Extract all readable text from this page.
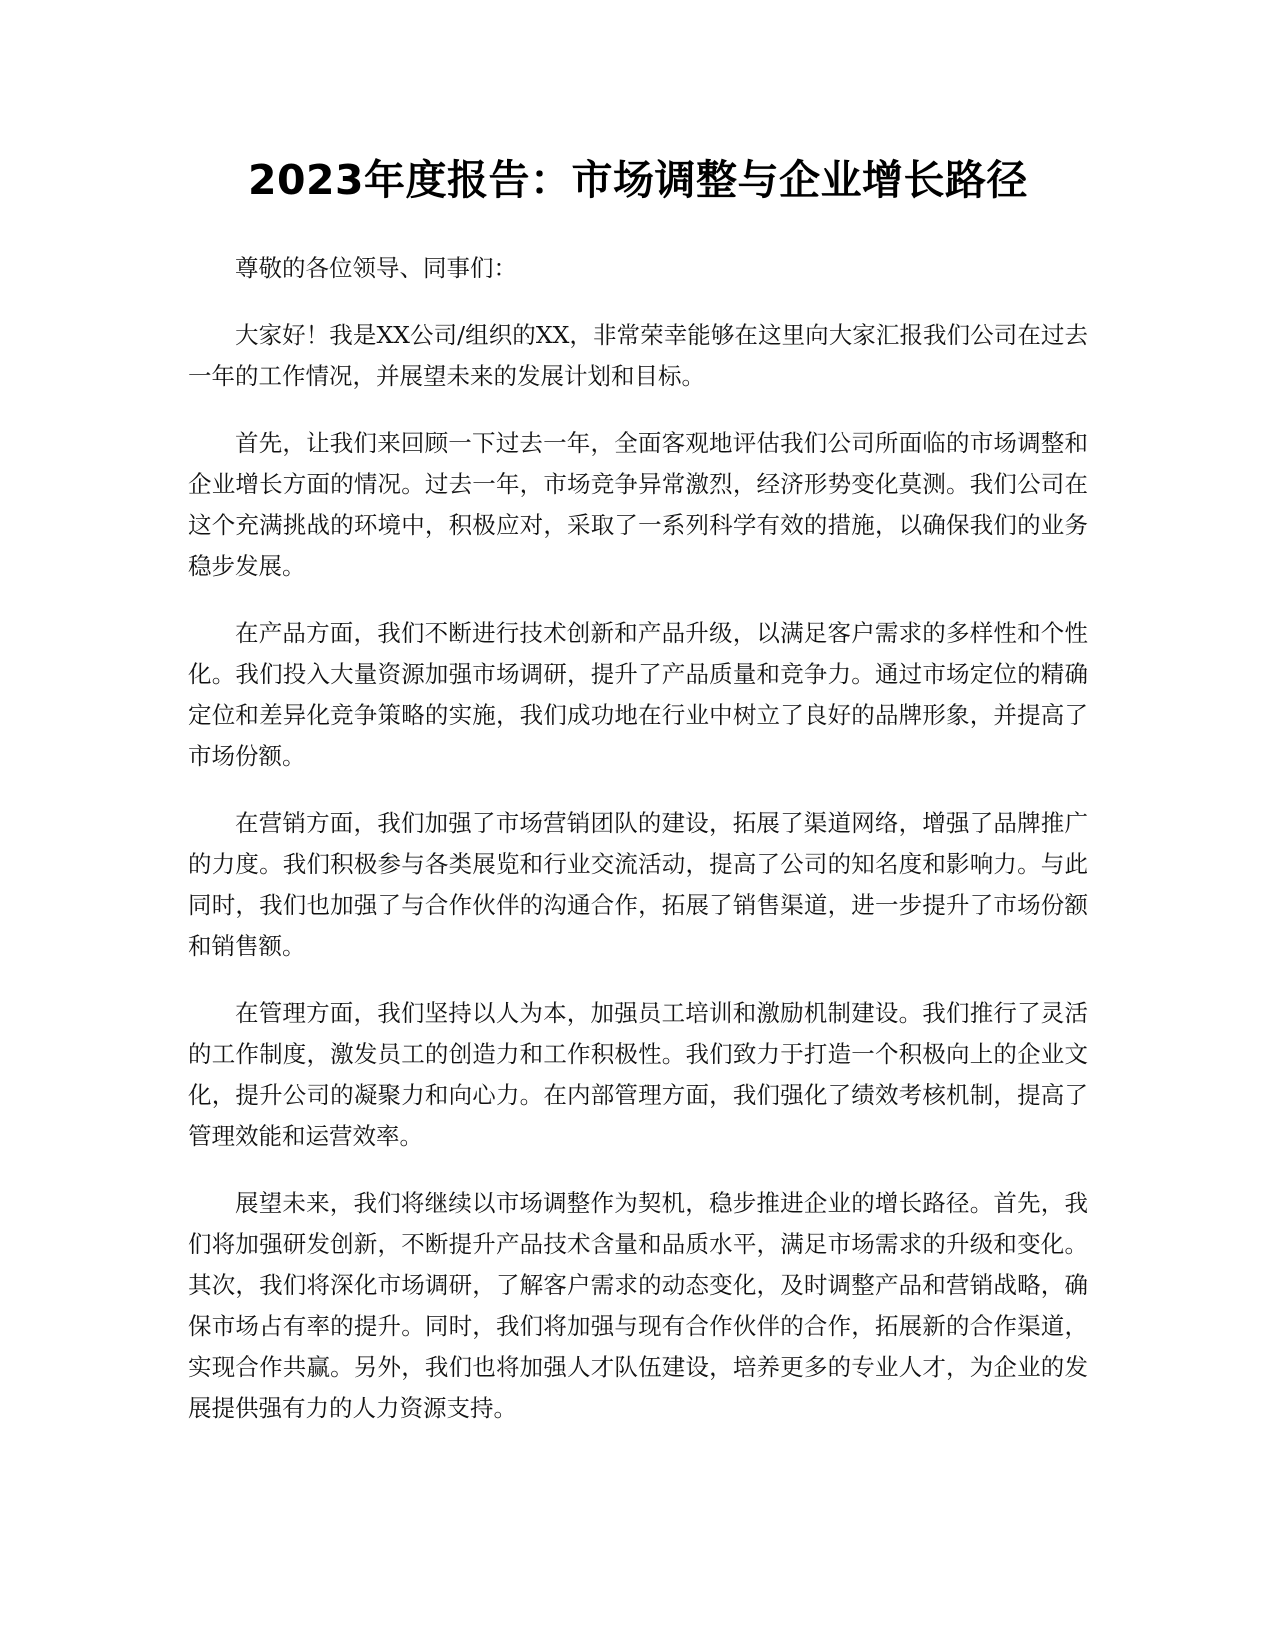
2023年度报告：市场调整与企业增长路径

尊敬的各位领导、同事们：

大家好！我是XX公司/组织的XX，非常荣幸能够在这里向大家汇报我们公司在过去一年的工作情况，并展望未来的发展计划和目标。

首先，让我们来回顾一下过去一年，全面客观地评估我们公司所面临的市场调整和企业增长方面的情况。过去一年，市场竞争异常激烈，经济形势变化莫测。我们公司在这个充满挑战的环境中，积极应对，采取了一系列科学有效的措施，以确保我们的业务稳步发展。

在产品方面，我们不断进行技术创新和产品升级，以满足客户需求的多样性和个性化。我们投入大量资源加强市场调研，提升了产品质量和竞争力。通过市场定位的精确定位和差异化竞争策略的实施，我们成功地在行业中树立了良好的品牌形象，并提高了市场份额。

在营销方面，我们加强了市场营销团队的建设，拓展了渠道网络，增强了品牌推广的力度。我们积极参与各类展览和行业交流活动，提高了公司的知名度和影响力。与此同时，我们也加强了与合作伙伴的沟通合作，拓展了销售渠道，进一步提升了市场份额和销售额。

在管理方面，我们坚持以人为本，加强员工培训和激励机制建设。我们推行了灵活的工作制度，激发员工的创造力和工作积极性。我们致力于打造一个积极向上的企业文化，提升公司的凝聚力和向心力。在内部管理方面，我们强化了绩效考核机制，提高了管理效能和运营效率。

展望未来，我们将继续以市场调整作为契机，稳步推进企业的增长路径。首先，我们将加强研发创新，不断提升产品技术含量和品质水平，满足市场需求的升级和变化。其次，我们将深化市场调研，了解客户需求的动态变化，及时调整产品和营销战略，确保市场占有率的提升。同时，我们将加强与现有合作伙伴的合作，拓展新的合作渠道，实现合作共赢。另外，我们也将加强人才队伍建设，培养更多的专业人才，为企业的发展提供强有力的人力资源支持。
